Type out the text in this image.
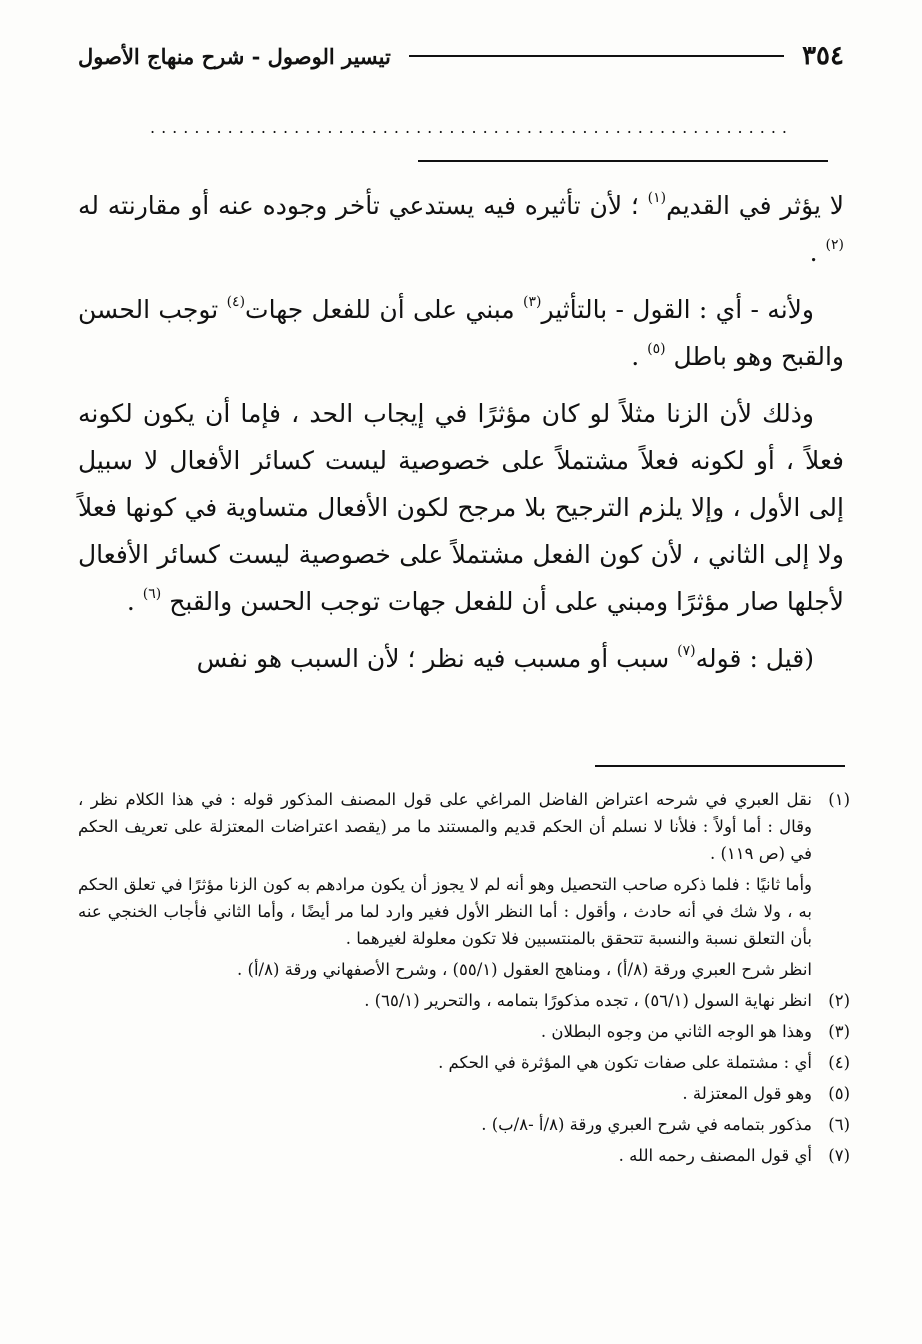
٣٥٤
تيسير الوصول - شرح منهاج الأصول
..........................................................

لا يؤثر في القديم$^{(١)}$ ؛ لأن تأثيره فيه يستدعي تأخر وجوده عنه أو مقارنته له $^{(٢)}$ .

ولأنه - أي : القول - بالتأثير$^{(٣)}$ مبني على أن للفعل جهات$^{(٤)}$ توجب الحسن والقبح وهو باطل $^{(٥)}$ .

وذلك لأن الزنا مثلاً لو كان مؤثرًا في إيجاب الحد ، فإما أن يكون لكونه فعلاً ، أو لكونه فعلاً مشتملاً على خصوصية ليست كسائر الأفعال لا سبيل إلى الأول ، وإلا يلزم الترجيح بلا مرجح لكون الأفعال متساوية في كونها فعلاً ولا إلى الثاني ، لأن كون الفعل مشتملاً على خصوصية ليست كسائر الأفعال لأجلها صار مؤثرًا ومبني على أن للفعل جهات توجب الحسن والقبح $^{(٦)}$ .

(قيل : قوله$^{(٧)}$ سبب أو مسبب فيه نظر ؛ لأن السبب هو نفس

(١)
نقل العبري في شرحه اعتراض الفاضل المراغي على قول المصنف المذكور قوله : في هذا الكلام نظر ، وقال : أما أولاً : فلأنا لا نسلم أن الحكم قديم والمستند ما مر (يقصد اعتراضات المعتزلة على تعريف الحكم في (ص ١١٩) .
وأما ثانيًا : فلما ذكره صاحب التحصيل وهو أنه لم لا يجوز أن يكون مرادهم به كون الزنا مؤثرًا في تعلق الحكم به ، ولا شك في أنه حادث ، وأقول : أما النظر الأول فغير وارد لما مر أيضًا ، وأما الثاني فأجاب الخنجي عنه بأن التعلق نسبة والنسبة تتحقق بالمنتسبين فلا تكون معلولة لغيرهما .
انظر شرح العبري ورقة (٨/أ) ، ومناهج العقول (٥٥/١) ، وشرح الأصفهاني ورقة (٨/أ) .
(٢)
انظر نهاية السول (٥٦/١) ، تجده مذكورًا بتمامه ، والتحرير (٦٥/١) .
(٣)
وهذا هو الوجه الثاني من وجوه البطلان .
(٤)
أي : مشتملة على صفات تكون هي المؤثرة في الحكم .
(٥)
وهو قول المعتزلة .
(٦)
مذكور بتمامه في شرح العبري ورقة (٨/أ -٨/ب) .
(٧)
أي قول المصنف رحمه الله .
